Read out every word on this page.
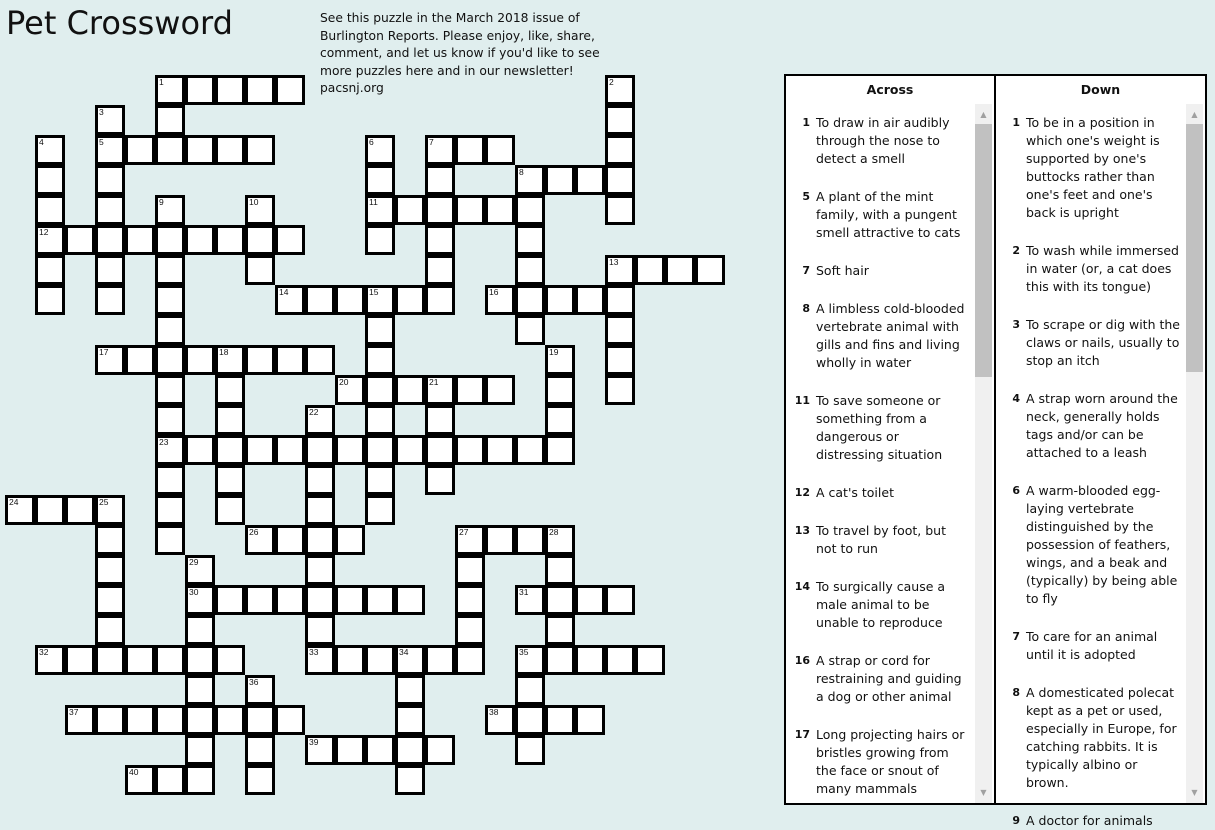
Pet Crossword	See this puzzle in the March 2018 issue of Burlington Reports. Please enjoy, like, share, comment, and let us know if you'd like to see more puzzles here and in our newsletter! pacsnj.org
1	2
3
5
4
12
6
11
7
8
9
23
10
13
14	15	16
17	18	19
20	21
22
33
24	25
26	27	28
29
30	31
32	34	35
36
37	38
39
40
Across
1 To draw in air audibly through the nose to detect a smell
5 A plant of the mint family, with a pungent smell attractive to cats
7 Soft hair
8 A limbless cold-blooded vertebrate animal with gills and fins and living wholly in water
11 To save someone or something from a dangerous or distressing situation
12 A cat's toilet
13 To travel by foot, but not to run
14 To surgically cause a male animal to be unable to reproduce
16 A strap or cord for restraining and guiding a dog or other animal
17 Long projecting hairs or bristles growing from the face or snout of many mammals
▲
▼
Down
1 To be in a position in which one's weight is supported by one's buttocks rather than one's feet and one's back is upright
2 To wash while immersed in water (or, a cat does this with its tongue)
3 To scrape or dig with the claws or nails, usually to stop an itch
4 A strap worn around the neck, generally holds tags and/or can be attached to a leash
6 A warm-blooded egg-laying vertebrate distinguished by the possession of feathers, wings, and a beak and (typically) by being able to fly
7 To care for an animal until it is adopted
8 A domesticated polecat kept as a pet or used, especially in Europe, for catching rabbits. It is typically albino or brown.
9 A doctor for animals
▲
▼
